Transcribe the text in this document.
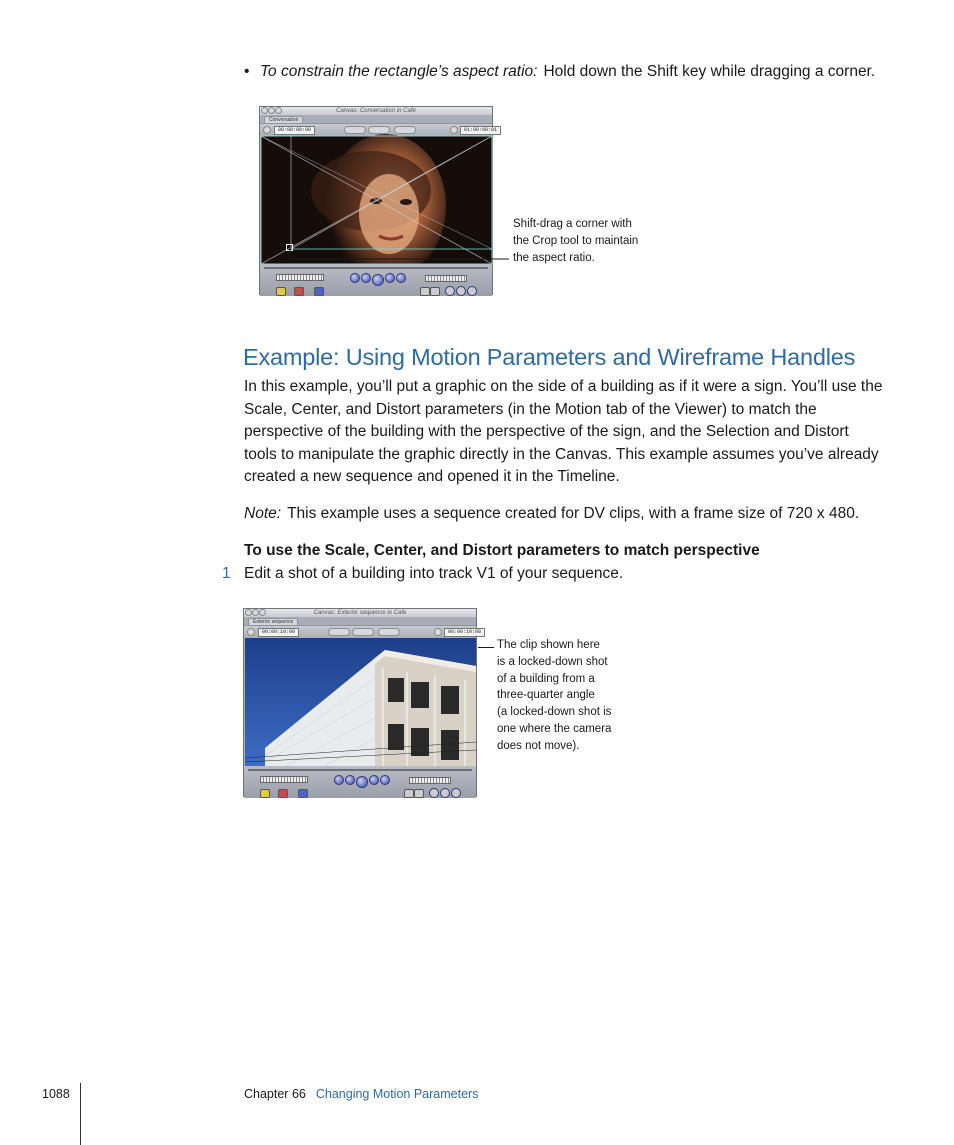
• To constrain the rectangle’s aspect ratio: Hold down the Shift key while dragging a corner.
Canvas: Conversation in Cafe
Conversation
00:00:00:00	01:00:00:01
Shift-drag a corner with
the Crop tool to maintain
the aspect ratio.
Example: Using Motion Parameters and Wireframe Handles
In this example, you’ll put a graphic on the side of a building as if it were a sign. You’ll use the Scale, Center, and Distort parameters (in the Motion tab of the Viewer) to match the perspective of the building with the perspective of the sign, and the Selection and Distort tools to manipulate the graphic directly in the Canvas. This example assumes you’ve already created a new sequence and opened it in the Timeline.
Note: This example uses a sequence created for DV clips, with a frame size of 720 x 480.
To use the Scale, Center, and Distort parameters to match perspective
1 Edit a shot of a building into track V1 of your sequence.
Canvas: Exterior sequence in Cafe
Exterior sequence
00:00:10:00	00:00:10:00
The clip shown here
is a locked-down shot
of a building from a
three-quarter angle
(a locked-down shot is
one where the camera
does not move).
1088	Chapter 66 Changing Motion Parameters
